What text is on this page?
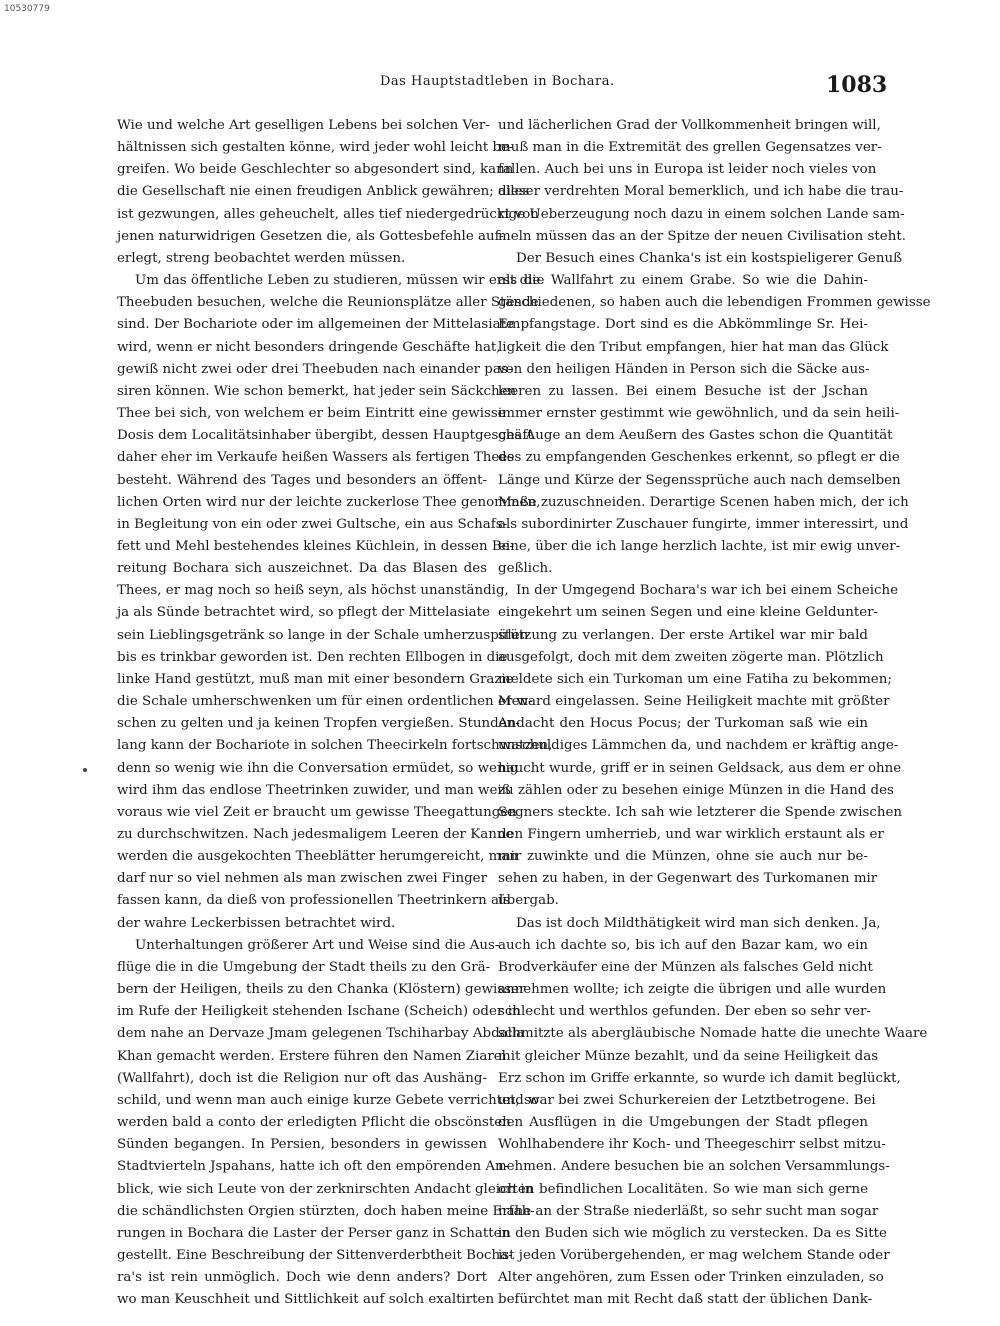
10530779
Das Hauptstadtleben in Bochara.	1083

Wie und welche Art geselligen Lebens bei solchen Ver-
hältnissen sich gestalten könne, wird jeder wohl leicht be-
greifen. Wo beide Geschlechter so abgesondert sind, kann
die Gesellschaft nie einen freudigen Anblick gewähren; alles
ist gezwungen, alles geheuchelt, alles tief niedergedrückt von
jenen naturwidrigen Gesetzen die, als Gottesbefehle auf-
erlegt, streng beobachtet werden müssen.

Um das öffentliche Leben zu studieren, müssen wir erst die
Theebuden besuchen, welche die Reunionsplätze aller Stände
sind. Der Bochariote oder im allgemeinen der Mittelasiate
wird, wenn er nicht besonders dringende Geschäfte hat,
gewiß nicht zwei oder drei Theebuden nach einander pas-
siren können. Wie schon bemerkt, hat jeder sein Säckchen
Thee bei sich, von welchem er beim Eintritt eine gewisse
Dosis dem Localitätsinhaber übergibt, dessen Hauptgeschäft
daher eher im Verkaufe heißen Wassers als fertigen Thees
besteht. Während des Tages und besonders an öffent-
lichen Orten wird nur der leichte zuckerlose Thee genommen,
in Begleitung von ein oder zwei Gultsche, ein aus Schafs-
fett und Mehl bestehendes kleines Küchlein, in dessen Be-
reitung Bochara sich auszeichnet. Da das Blasen des
Thees, er mag noch so heiß seyn, als höchst unanständig,
ja als Sünde betrachtet wird, so pflegt der Mittelasiate
sein Lieblingsgetränk so lange in der Schale umherzuspülen
bis es trinkbar geworden ist. Den rechten Ellbogen in die
linke Hand gestützt, muß man mit einer besondern Grazie
die Schale umherschwenken um für einen ordentlichen Men-
schen zu gelten und ja keinen Tropfen vergießen. Stunden-
lang kann der Bochariote in solchen Theecirkeln fortschwatzen,
denn so wenig wie ihn die Conversation ermüdet, so wenig
wird ihm das endlose Theetrinken zuwider, und man weiß
voraus wie viel Zeit er braucht um gewisse Theegattungen
zu durchschwitzen. Nach jedesmaligem Leeren der Kanne
werden die ausgekochten Theeblätter herumgereicht, man
darf nur so viel nehmen als man zwischen zwei Finger
fassen kann, da dieß von professionellen Theetrinkern als
der wahre Leckerbissen betrachtet wird.

Unterhaltungen größerer Art und Weise sind die Aus-
flüge die in die Umgebung der Stadt theils zu den Grä-
bern der Heiligen, theils zu den Chanka (Klöstern) gewisser
im Rufe der Heiligkeit stehenden Ischane (Scheich) oder in
dem nahe an Dervaze Jmam gelegenen Tschiharbay Abdalla
Khan gemacht werden. Erstere führen den Namen Ziarel
(Wallfahrt), doch ist die Religion nur oft das Aushäng-
schild, und wenn man auch einige kurze Gebete verrichtet, so
werden bald a conto der erledigten Pflicht die obscönsten
Sünden begangen. In Persien, besonders in gewissen
Stadtvierteln Jspahans, hatte ich oft den empörenden An-
blick, wie sich Leute von der zerknirschten Andacht gleich in
die schändlichsten Orgien stürzten, doch haben meine Erfah-
rungen in Bochara die Laster der Perser ganz in Schatten
gestellt. Eine Beschreibung der Sittenverderbtheit Bocha-
ra's ist rein unmöglich. Doch wie denn anders? Dort
wo man Keuschheit und Sittlichkeit auf solch exaltirten

und lächerlichen Grad der Vollkommenheit bringen will,
muß man in die Extremität des grellen Gegensatzes ver-
fallen. Auch bei uns in Europa ist leider noch vieles von
dieser verdrehten Moral bemerklich, und ich habe die trau-
rige Ueberzeugung noch dazu in einem solchen Lande sam-
meln müssen das an der Spitze der neuen Civilisation steht.

Der Besuch eines Chanka's ist ein kostspieligerer Genuß
als die Wallfahrt zu einem Grabe. So wie die Dahin-
geschiedenen, so haben auch die lebendigen Frommen gewisse
Empfangstage. Dort sind es die Abkömmlinge Sr. Hei-
ligkeit die den Tribut empfangen, hier hat man das Glück
von den heiligen Händen in Person sich die Säcke aus-
leeren zu lassen. Bei einem Besuche ist der Jschan
immer ernster gestimmt wie gewöhnlich, und da sein heili-
ges Auge an dem Aeußern des Gastes schon die Quantität
des zu empfangenden Geschenkes erkennt, so pflegt er die
Länge und Kürze der Segenssprüche auch nach demselben
Maße zuzuschneiden. Derartige Scenen haben mich, der ich
als subordinirter Zuschauer fungirte, immer interessirt, und
eine, über die ich lange herzlich lachte, ist mir ewig unver-
geßlich.

In der Umgegend Bochara's war ich bei einem Scheiche
eingekehrt um seinen Segen und eine kleine Geldunter-
stützung zu verlangen. Der erste Artikel war mir bald
ausgefolgt, doch mit dem zweiten zögerte man. Plötzlich
meldete sich ein Turkoman um eine Fatiha zu bekommen;
er ward eingelassen. Seine Heiligkeit machte mit größter
Andacht den Hocus Pocus; der Turkoman saß wie ein
unschuldiges Lämmchen da, und nachdem er kräftig ange-
haucht wurde, griff er in seinen Geldsack, aus dem er ohne
zu zählen oder zu besehen einige Münzen in die Hand des
Segners steckte. Ich sah wie letzterer die Spende zwischen
den Fingern umherrieb, und war wirklich erstaunt als er
mir zuwinkte und die Münzen, ohne sie auch nur be-
sehen zu haben, in der Gegenwart des Turkomanen mir
übergab.

Das ist doch Mildthätigkeit wird man sich denken. Ja,
auch ich dachte so, bis ich auf den Bazar kam, wo ein
Brodverkäufer eine der Münzen als falsches Geld nicht
annehmen wollte; ich zeigte die übrigen und alle wurden
schlecht und werthlos gefunden. Der eben so sehr ver-
schmitzte als abergläubische Nomade hatte die unechte Waare
mit gleicher Münze bezahlt, und da seine Heiligkeit das
Erz schon im Griffe erkannte, so wurde ich damit beglückt,
und war bei zwei Schurkereien der Letztbetrogene. Bei
den Ausflügen in die Umgebungen der Stadt pflegen
Wohlhabendere ihr Koch- und Theegeschirr selbst mitzu-
nehmen. Andere besuchen bie an solchen Versammlungs-
orten befindlichen Localitäten. So wie man sich gerne
nahe an der Straße niederläßt, so sehr sucht man sogar
in den Buden sich wie möglich zu verstecken. Da es Sitte
ist jeden Vorübergehenden, er mag welchem Stande oder
Alter angehören, zum Essen oder Trinken einzuladen, so
befürchtet man mit Recht daß statt der üblichen Dank-
